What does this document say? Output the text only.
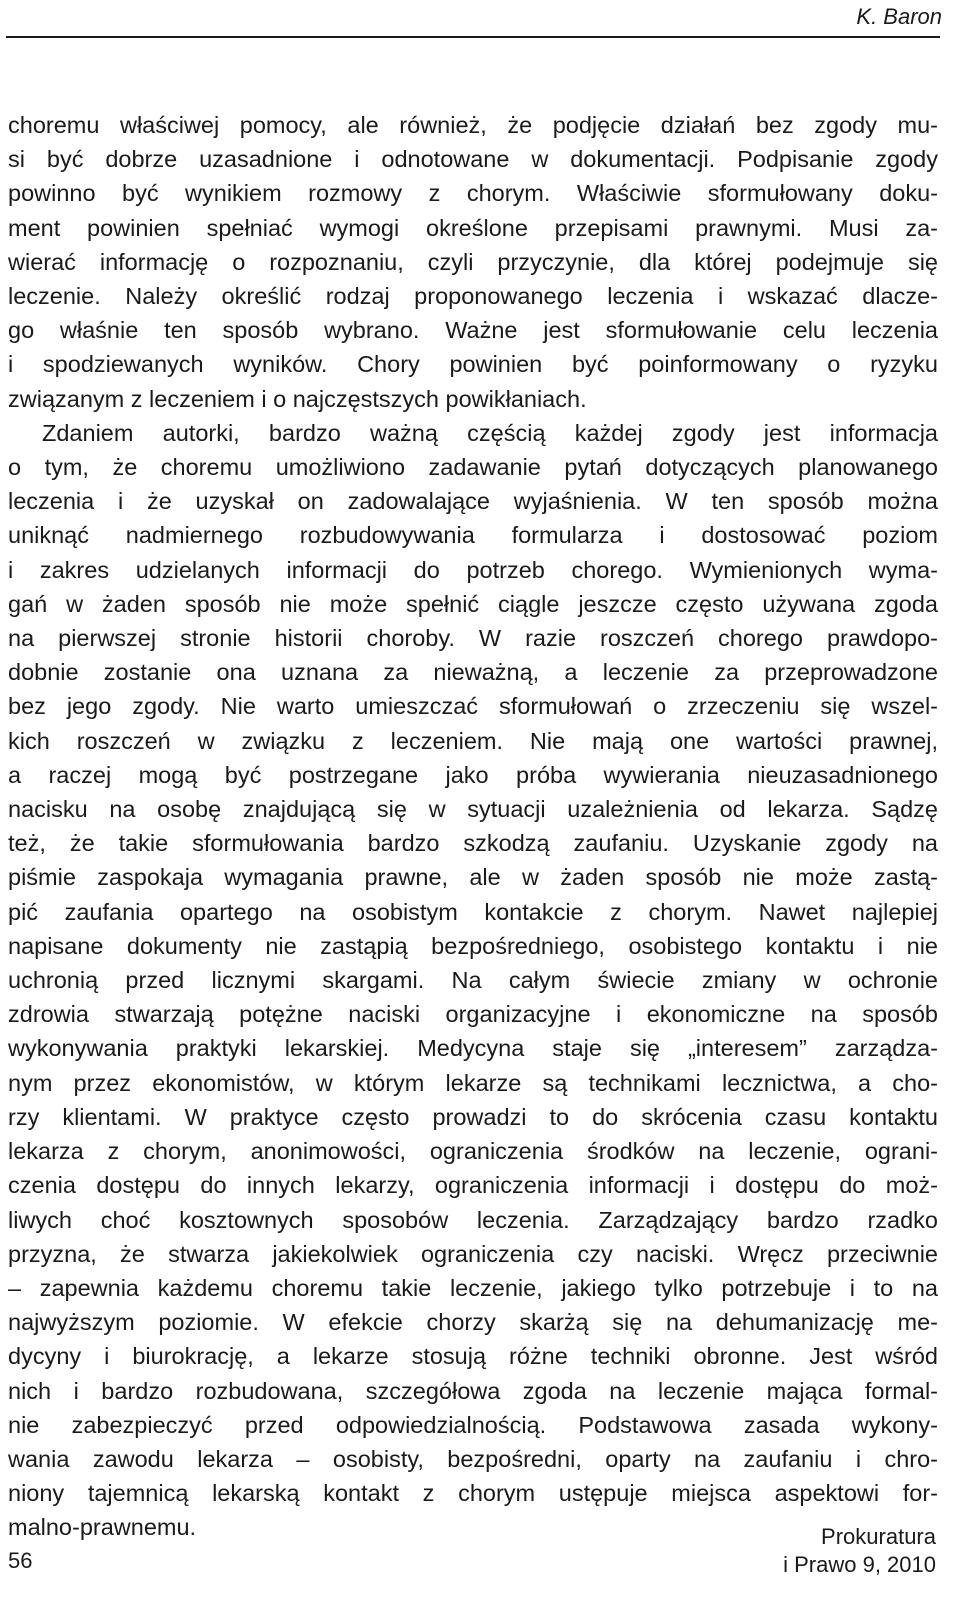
K. Baron
choremu właściwej pomocy, ale również, że podjęcie działań bez zgody mu-
si być dobrze uzasadnione i odnotowane w dokumentacji. Podpisanie zgody
powinno być wynikiem rozmowy z chorym. Właściwie sformułowany doku-
ment powinien spełniać wymogi określone przepisami prawnymi. Musi za-
wierać informację o rozpoznaniu, czyli przyczynie, dla której podejmuje się
leczenie. Należy określić rodzaj proponowanego leczenia i wskazać dlacze-
go właśnie ten sposób wybrano. Ważne jest sformułowanie celu leczenia
i spodziewanych wyników. Chory powinien być poinformowany o ryzyku
związanym z leczeniem i o najczęstszych powikłaniach.
Zdaniem autorki, bardzo ważną częścią każdej zgody jest informacja
o tym, że choremu umożliwiono zadawanie pytań dotyczących planowanego
leczenia i że uzyskał on zadowalające wyjaśnienia. W ten sposób można
uniknąć nadmiernego rozbudowywania formularza i dostosować poziom
i zakres udzielanych informacji do potrzeb chorego. Wymienionych wyma-
gań w żaden sposób nie może spełnić ciągle jeszcze często używana zgoda
na pierwszej stronie historii choroby. W razie roszczeń chorego prawdopo-
dobnie zostanie ona uznana za nieważną, a leczenie za przeprowadzone
bez jego zgody. Nie warto umieszczać sformułowań o zrzeczeniu się wszel-
kich roszczeń w związku z leczeniem. Nie mają one wartości prawnej,
a raczej mogą być postrzegane jako próba wywierania nieuzasadnionego
nacisku na osobę znajdującą się w sytuacji uzależnienia od lekarza. Sądzę
też, że takie sformułowania bardzo szkodzą zaufaniu. Uzyskanie zgody na
piśmie zaspokaja wymagania prawne, ale w żaden sposób nie może zastą-
pić zaufania opartego na osobistym kontakcie z chorym. Nawet najlepiej
napisane dokumenty nie zastąpią bezpośredniego, osobistego kontaktu i nie
uchronią przed licznymi skargami. Na całym świecie zmiany w ochronie
zdrowia stwarzają potężne naciski organizacyjne i ekonomiczne na sposób
wykonywania praktyki lekarskiej. Medycyna staje się „interesem” zarządza-
nym przez ekonomistów, w którym lekarze są technikami lecznictwa, a cho-
rzy klientami. W praktyce często prowadzi to do skrócenia czasu kontaktu
lekarza z chorym, anonimowości, ograniczenia środków na leczenie, ograni-
czenia dostępu do innych lekarzy, ograniczenia informacji i dostępu do moż-
liwych choć kosztownych sposobów leczenia. Zarządzający bardzo rzadko
przyzna, że stwarza jakiekolwiek ograniczenia czy naciski. Wręcz przeciwnie
– zapewnia każdemu choremu takie leczenie, jakiego tylko potrzebuje i to na
najwyższym poziomie. W efekcie chorzy skarżą się na dehumanizację me-
dycyny i biurokrację, a lekarze stosują różne techniki obronne. Jest wśród
nich i bardzo rozbudowana, szczegółowa zgoda na leczenie mająca formal-
nie zabezpieczyć przed odpowiedzialnością. Podstawowa zasada wykony-
wania zawodu lekarza – osobisty, bezpośredni, oparty na zaufaniu i chro-
niony tajemnicą lekarską kontakt z chorym ustępuje miejsca aspektowi for-
malno-prawnemu.
56
Prokuratura
i Prawo 9, 2010
